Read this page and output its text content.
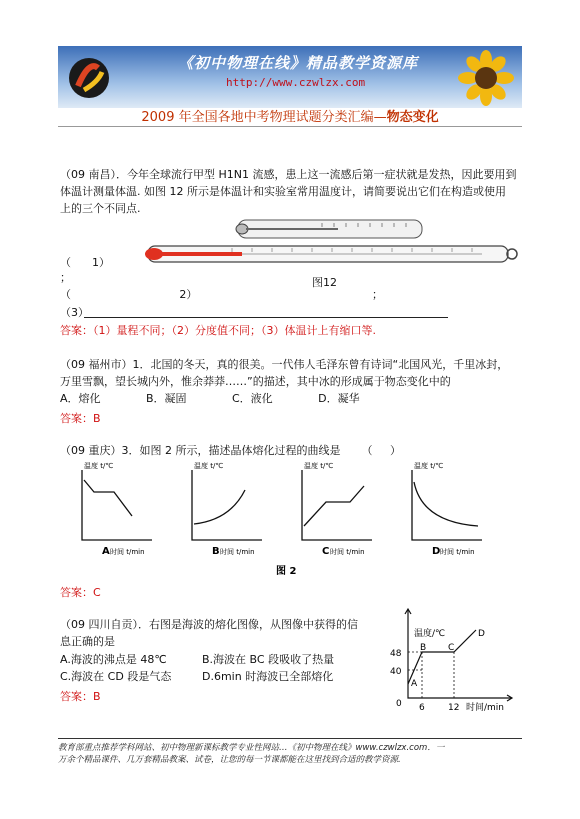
《初中物理在线》精品教学资源库
http://www.czwlzx.com
2009 年全国各地中考物理试题分类汇编—物态变化
（09 南昌）．今年全球流行甲型 H1N1 流感，患上这一流感后第一症状就是发热，因此要用到
体温计测量体温. 如图 12 所示是体温计和实验室常用温度计，请简要说出它们在构造或使用
上的三个不同点.
（      1）
；	图12
（                               2）	；
（3）
答案：（1）量程不同；（2）分度值不同；（3）体温计上有缩口等.
（09 福州市）1．北国的冬天，真的很美。一代伟人毛泽东曾有诗词“北国风光，千里冰封，
万里雪飘，望长城内外，惟余莽莽……”的描述，其中冰的形成属于物态变化中的
A．熔化             B．凝固             C．液化             D．凝华
答案：B
（09 重庆）3．如图 2 所示，描述晶体熔化过程的曲线是      （     ）
温度 t/℃	温度 t/℃	温度 t/℃	温度 t/℃
时间 t/min	时间 t/min	时间 t/min	时间 t/min
A	B	C	D
图 2
答案：C
（09 四川自贡）．右图是海波的熔化图像，从图像中获得的信
息正确的是
A.海波的沸点是 48℃	B.海波在 BC 段吸收了热量
C.海波在 CD 段是气态	D.6min 时海波已全部熔化
答案：B
温度/℃
48
40
0 6	12 时间/min
A
B C
D
教育部重点推荐学科网站、初中物理新课标教学专业性网站…《初中物理在线》www.czwlzx.com．一
万余个精品课件、几万套精品教案、试卷，让您的每一节课都能在这里找到合适的教学资源.
